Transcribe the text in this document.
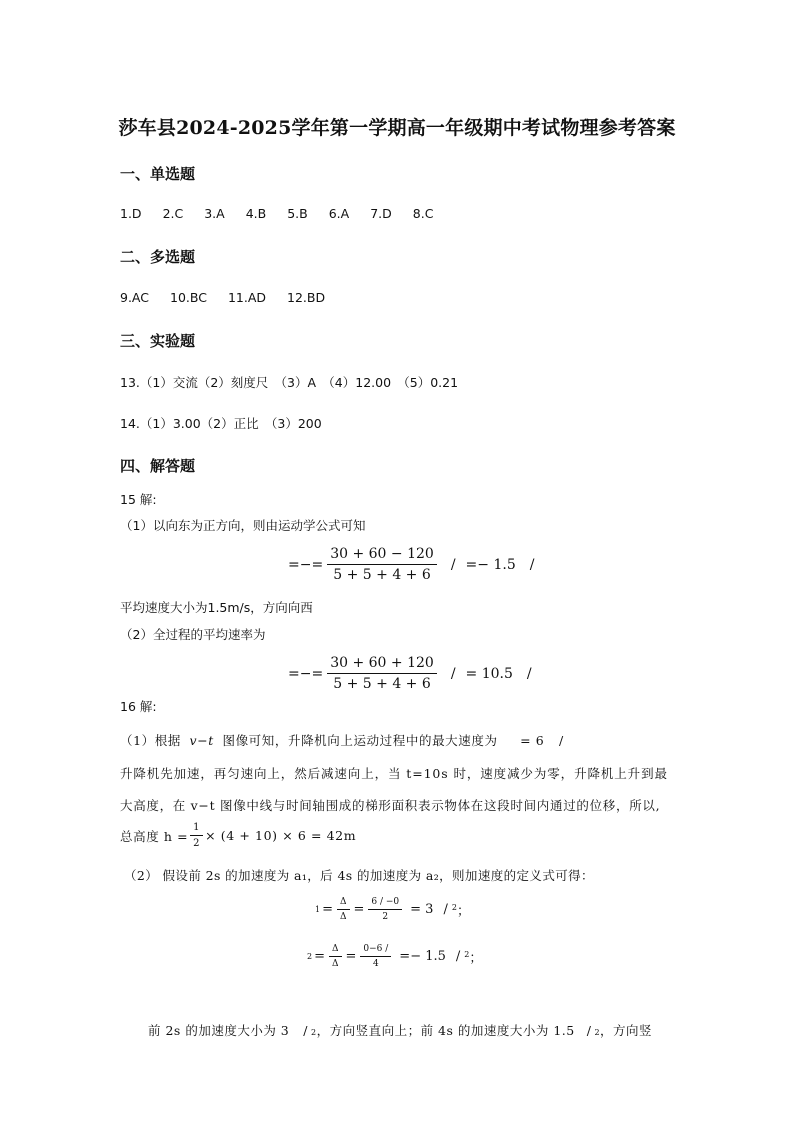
莎车县2024-2025学年第一学期高一年级期中考试物理参考答案
一、单选题
1.D 2.C 3.A 4.B 5.B 6.A 7.D 8.C
二、多选题
9.AC 10.BC 11.AD 12.BD
三、实验题
13.（1）交流（2）刻度尺　（3）A　（4）12.00　（5）0.21
14.（1）3.00（2）正比　（3）200
四、解答题
15 解:
（1）以向东为正方向，则由运动学公式可知
=−= $\frac{30 + 60 - 120}{5 + 5 + 4 + 6}$ / =− 1.5 /
平均速度大小为1.5m/s，方向向西
（2）全过程的平均速率为
=−= $\frac{30 + 60 + 120}{5 + 5 + 4 + 6}$ / = 10.5 /
16 解:
（1）根据 v−t 图像可知，升降机向上运动过程中的最大速度为 = 6 /
升降机先加速，再匀速向上，然后减速向上，当 t=10s 时，速度减少为零，升降机上升到最
大高度，在 v−t 图像中线与时间轴围成的梯形面积表示物体在这段时间内通过的位移，所以,
总高度 $h = \frac{1}{2} \times (4 + 10) \times 6 = 42m$
（2） 假设前 2s 的加速度为 a₁，后 4s 的加速度为 a₂，则加速度的定义式可得：
$1 = \frac{\Delta}{\Delta} = \frac{6 / -0}{2} = 3 / 2$ ；
$2 = \frac{\Delta}{\Delta} = \frac{0-6 /}{4} =- 1.5 / 2$ ；
前 2s 的加速度大小为 3 / 2 ，方向竖直向上；前 4s 的加速度大小为 1.5 / 2 ，方向竖
